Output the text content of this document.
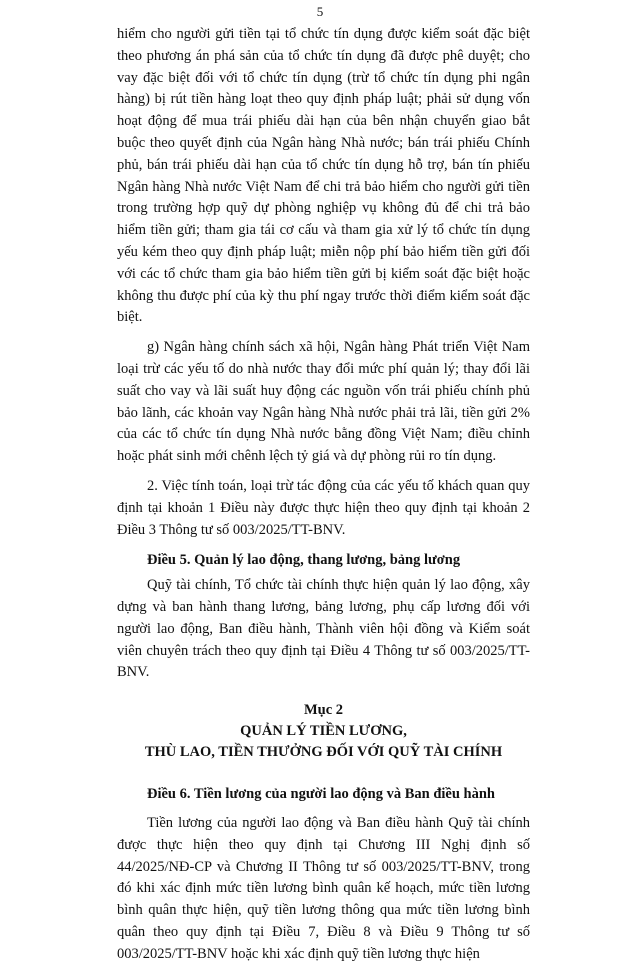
5

hiểm cho người gửi tiền tại tổ chức tín dụng được kiểm soát đặc biệt theo phương án phá sản của tổ chức tín dụng đã được phê duyệt; cho vay đặc biệt đối với tổ chức tín dụng (trừ tổ chức tín dụng phi ngân hàng) bị rút tiền hàng loạt theo quy định pháp luật; phải sử dụng vốn hoạt động để mua trái phiếu dài hạn của bên nhận chuyển giao bắt buộc theo quyết định của Ngân hàng Nhà nước; bán trái phiếu Chính phủ, bán trái phiếu dài hạn của tổ chức tín dụng hỗ trợ, bán tín phiếu Ngân hàng Nhà nước Việt Nam để chi trả bảo hiểm cho người gửi tiền trong trường hợp quỹ dự phòng nghiệp vụ không đủ để chi trả bảo hiểm tiền gửi; tham gia tái cơ cấu và tham gia xử lý tổ chức tín dụng yếu kém theo quy định pháp luật; miễn nộp phí bảo hiểm tiền gửi đối với các tổ chức tham gia bảo hiểm tiền gửi bị kiểm soát đặc biệt hoặc không thu được phí của kỳ thu phí ngay trước thời điểm kiểm soát đặc biệt.

g) Ngân hàng chính sách xã hội, Ngân hàng Phát triển Việt Nam loại trừ các yếu tố do nhà nước thay đổi mức phí quản lý; thay đổi lãi suất cho vay và lãi suất huy động các nguồn vốn trái phiếu chính phủ bảo lãnh, các khoản vay Ngân hàng Nhà nước phải trả lãi, tiền gửi 2% của các tổ chức tín dụng Nhà nước bằng đồng Việt Nam; điều chỉnh hoặc phát sinh mới chênh lệch tỷ giá và dự phòng rủi ro tín dụng.

2. Việc tính toán, loại trừ tác động của các yếu tố khách quan quy định tại khoản 1 Điều này được thực hiện theo quy định tại khoản 2 Điều 3 Thông tư số 003/2025/TT-BNV.

Điều 5. Quản lý lao động, thang lương, bảng lương

Quỹ tài chính, Tổ chức tài chính thực hiện quản lý lao động, xây dựng và ban hành thang lương, bảng lương, phụ cấp lương đối với người lao động, Ban điều hành, Thành viên hội đồng và Kiểm soát viên chuyên trách theo quy định tại Điều 4 Thông tư số 003/2025/TT-BNV.

Mục 2

QUẢN LÝ TIỀN LƯƠNG,

THÙ LAO, TIỀN THƯỞNG ĐỐI VỚI QUỸ TÀI CHÍNH

Điều 6. Tiền lương của người lao động và Ban điều hành

Tiền lương của người lao động và Ban điều hành Quỹ tài chính được thực hiện theo quy định tại Chương III Nghị định số 44/2025/NĐ-CP và Chương II Thông tư số 003/2025/TT-BNV, trong đó khi xác định mức tiền lương bình quân kế hoạch, mức tiền lương bình quân thực hiện, quỹ tiền lương thông qua mức tiền lương bình quân theo quy định tại Điều 7, Điều 8 và Điều 9 Thông tư số 003/2025/TT-BNV hoặc khi xác định quỹ tiền lương thực hiện
